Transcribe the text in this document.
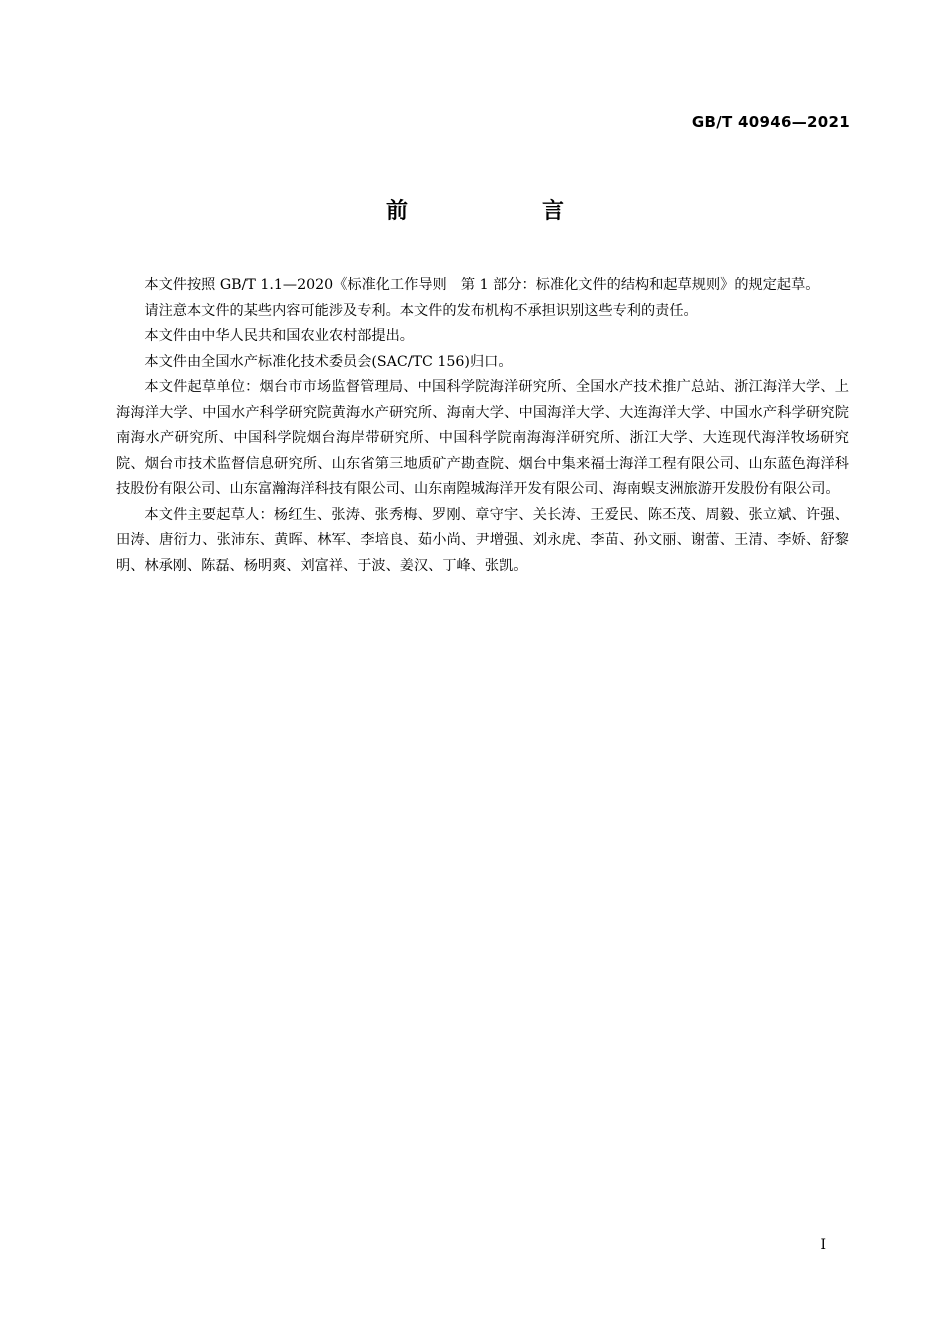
GB/T 40946—2021
前　言

本文件按照 GB/T 1.1—2020《标准化工作导则　第 1 部分：标准化文件的结构和起草规则》的规定起草。

请注意本文件的某些内容可能涉及专利。本文件的发布机构不承担识别这些专利的责任。

本文件由中华人民共和国农业农村部提出。

本文件由全国水产标准化技术委员会(SAC/TC 156)归口。

本文件起草单位：烟台市市场监督管理局、中国科学院海洋研究所、全国水产技术推广总站、浙江海洋大学、上海海洋大学、中国水产科学研究院黄海水产研究所、海南大学、中国海洋大学、大连海洋大学、中国水产科学研究院南海水产研究所、中国科学院烟台海岸带研究所、中国科学院南海海洋研究所、浙江大学、大连现代海洋牧场研究院、烟台市技术监督信息研究所、山东省第三地质矿产勘查院、烟台中集来福士海洋工程有限公司、山东蓝色海洋科技股份有限公司、山东富瀚海洋科技有限公司、山东南隍城海洋开发有限公司、海南蜈支洲旅游开发股份有限公司。

本文件主要起草人：杨红生、张涛、张秀梅、罗刚、章守宇、关长涛、王爱民、陈丕茂、周毅、张立斌、许强、田涛、唐衍力、张沛东、黄晖、林军、李培良、茹小尚、尹增强、刘永虎、李苗、孙文丽、谢蕾、王清、李娇、舒黎明、林承刚、陈磊、杨明爽、刘富祥、于波、姜汉、丁峰、张凯。

I
